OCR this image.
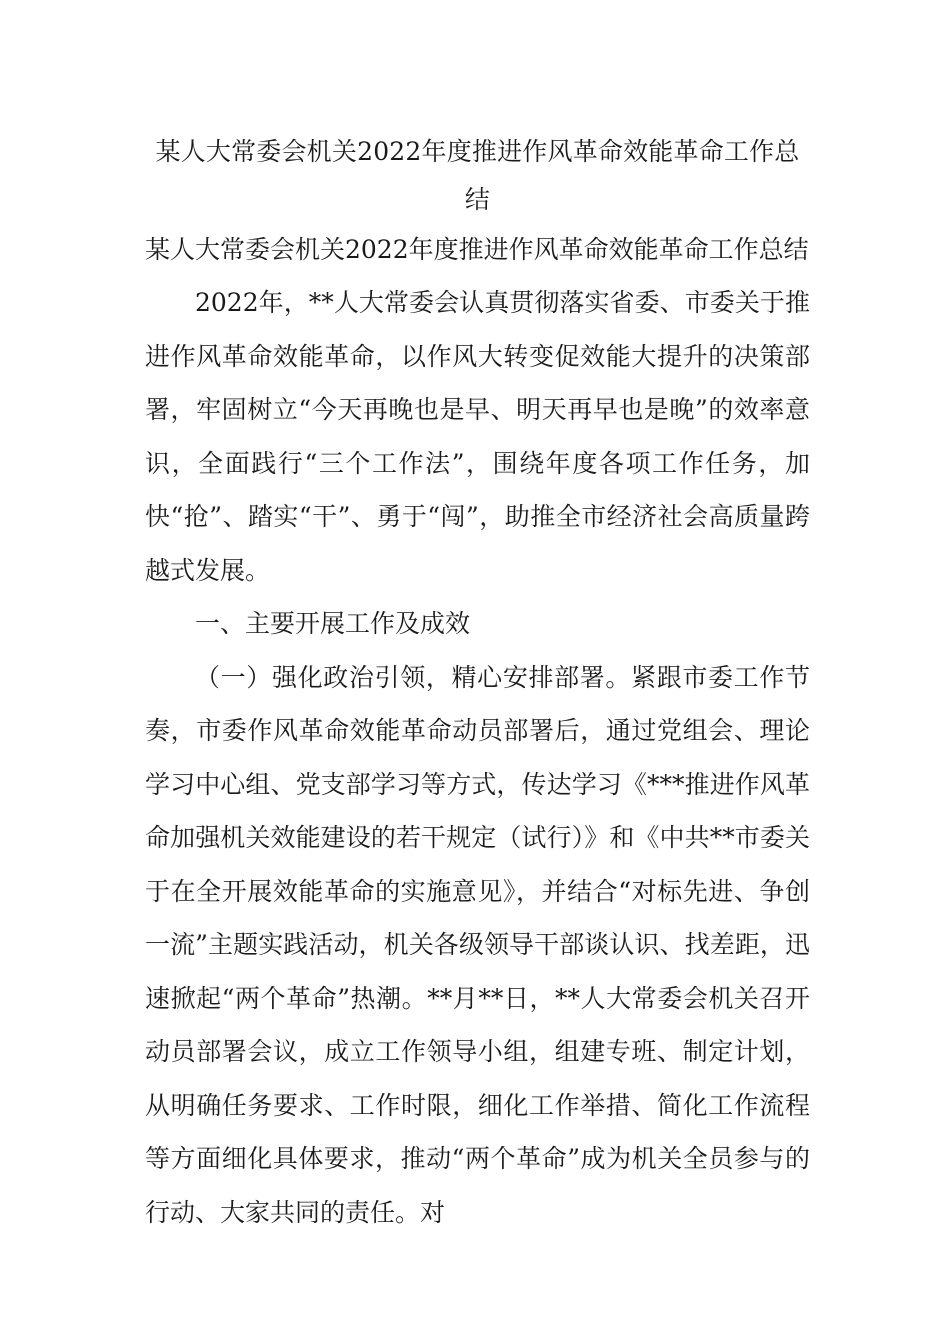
某人大常委会机关2022年度推进作风革命效能革命工作总结

某人大常委会机关2022年度推进作风革命效能革命工作总结

2022年，**人大常委会认真贯彻落实省委、市委关于推进作风革命效能革命，以作风大转变促效能大提升的决策部署，牢固树立“今天再晚也是早、明天再早也是晚”的效率意识，全面践行“三个工作法”，围绕年度各项工作任务，加快“抢”、踏实“干”、勇于“闯”，助推全市经济社会高质量跨越式发展。

一、主要开展工作及成效

（一）强化政治引领，精心安排部署。紧跟市委工作节奏，市委作风革命效能革命动员部署后，通过党组会、理论学习中心组、党支部学习等方式，传达学习《***推进作风革命加强机关效能建设的若干规定（试行）》和《中共**市委关于在全开展效能革命的实施意见》，并结合“对标先进、争创一流”主题实践活动，机关各级领导干部谈认识、找差距，迅速掀起“两个革命”热潮。**月**日，**人大常委会机关召开动员部署会议，成立工作领导小组，组建专班、制定计划，从明确任务要求、工作时限，细化工作举措、简化工作流程等方面细化具体要求，推动“两个革命”成为机关全员参与的行动、大家共同的责任。对
